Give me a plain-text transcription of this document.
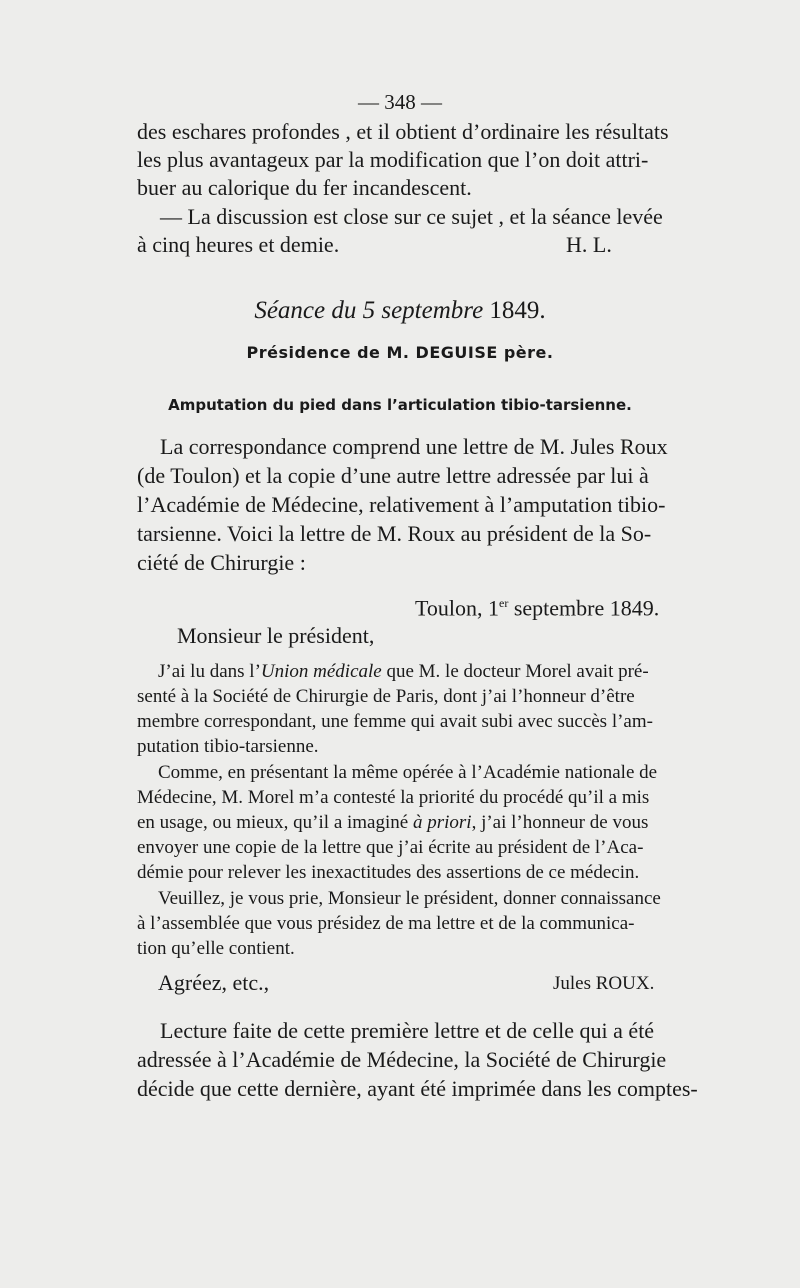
— 348 —
des eschares profondes , et il obtient d’ordinaire les résultats
les plus avantageux par la modification que l’on doit attri-
buer au calorique du fer incandescent.
— La discussion est close sur ce sujet , et la séance levée
à cinq heures et demie.	H. L.
Séance du 5 septembre 1849.
Présidence de M. DEGUISE père.
Amputation du pied dans l’articulation tibio-tarsienne.
La correspondance comprend une lettre de M. Jules Roux
(de Toulon) et la copie d’une autre lettre adressée par lui à
l’Académie de Médecine, relativement à l’amputation tibio-
tarsienne. Voici la lettre de M. Roux au président de la So-
ciété de Chirurgie :
Toulon, 1er septembre 1849.
Monsieur le président,
J’ai lu dans l’Union médicale que M. le docteur Morel avait pré-
senté à la Société de Chirurgie de Paris, dont j’ai l’honneur d’être
membre correspondant, une femme qui avait subi avec succès l’am-
putation tibio-tarsienne.
Comme, en présentant la même opérée à l’Académie nationale de
Médecine, M. Morel m’a contesté la priorité du procédé qu’il a mis
en usage, ou mieux, qu’il a imaginé à priori, j’ai l’honneur de vous
envoyer une copie de la lettre que j’ai écrite au président de l’Aca-
démie pour relever les inexactitudes des assertions de ce médecin.
Veuillez, je vous prie, Monsieur le président, donner connaissance
à l’assemblée que vous présidez de ma lettre et de la communica-
tion qu’elle contient.
Agréez, etc.,	Jules ROUX.
Lecture faite de cette première lettre et de celle qui a été
adressée à l’Académie de Médecine, la Société de Chirurgie
décide que cette dernière, ayant été imprimée dans les comptes-
